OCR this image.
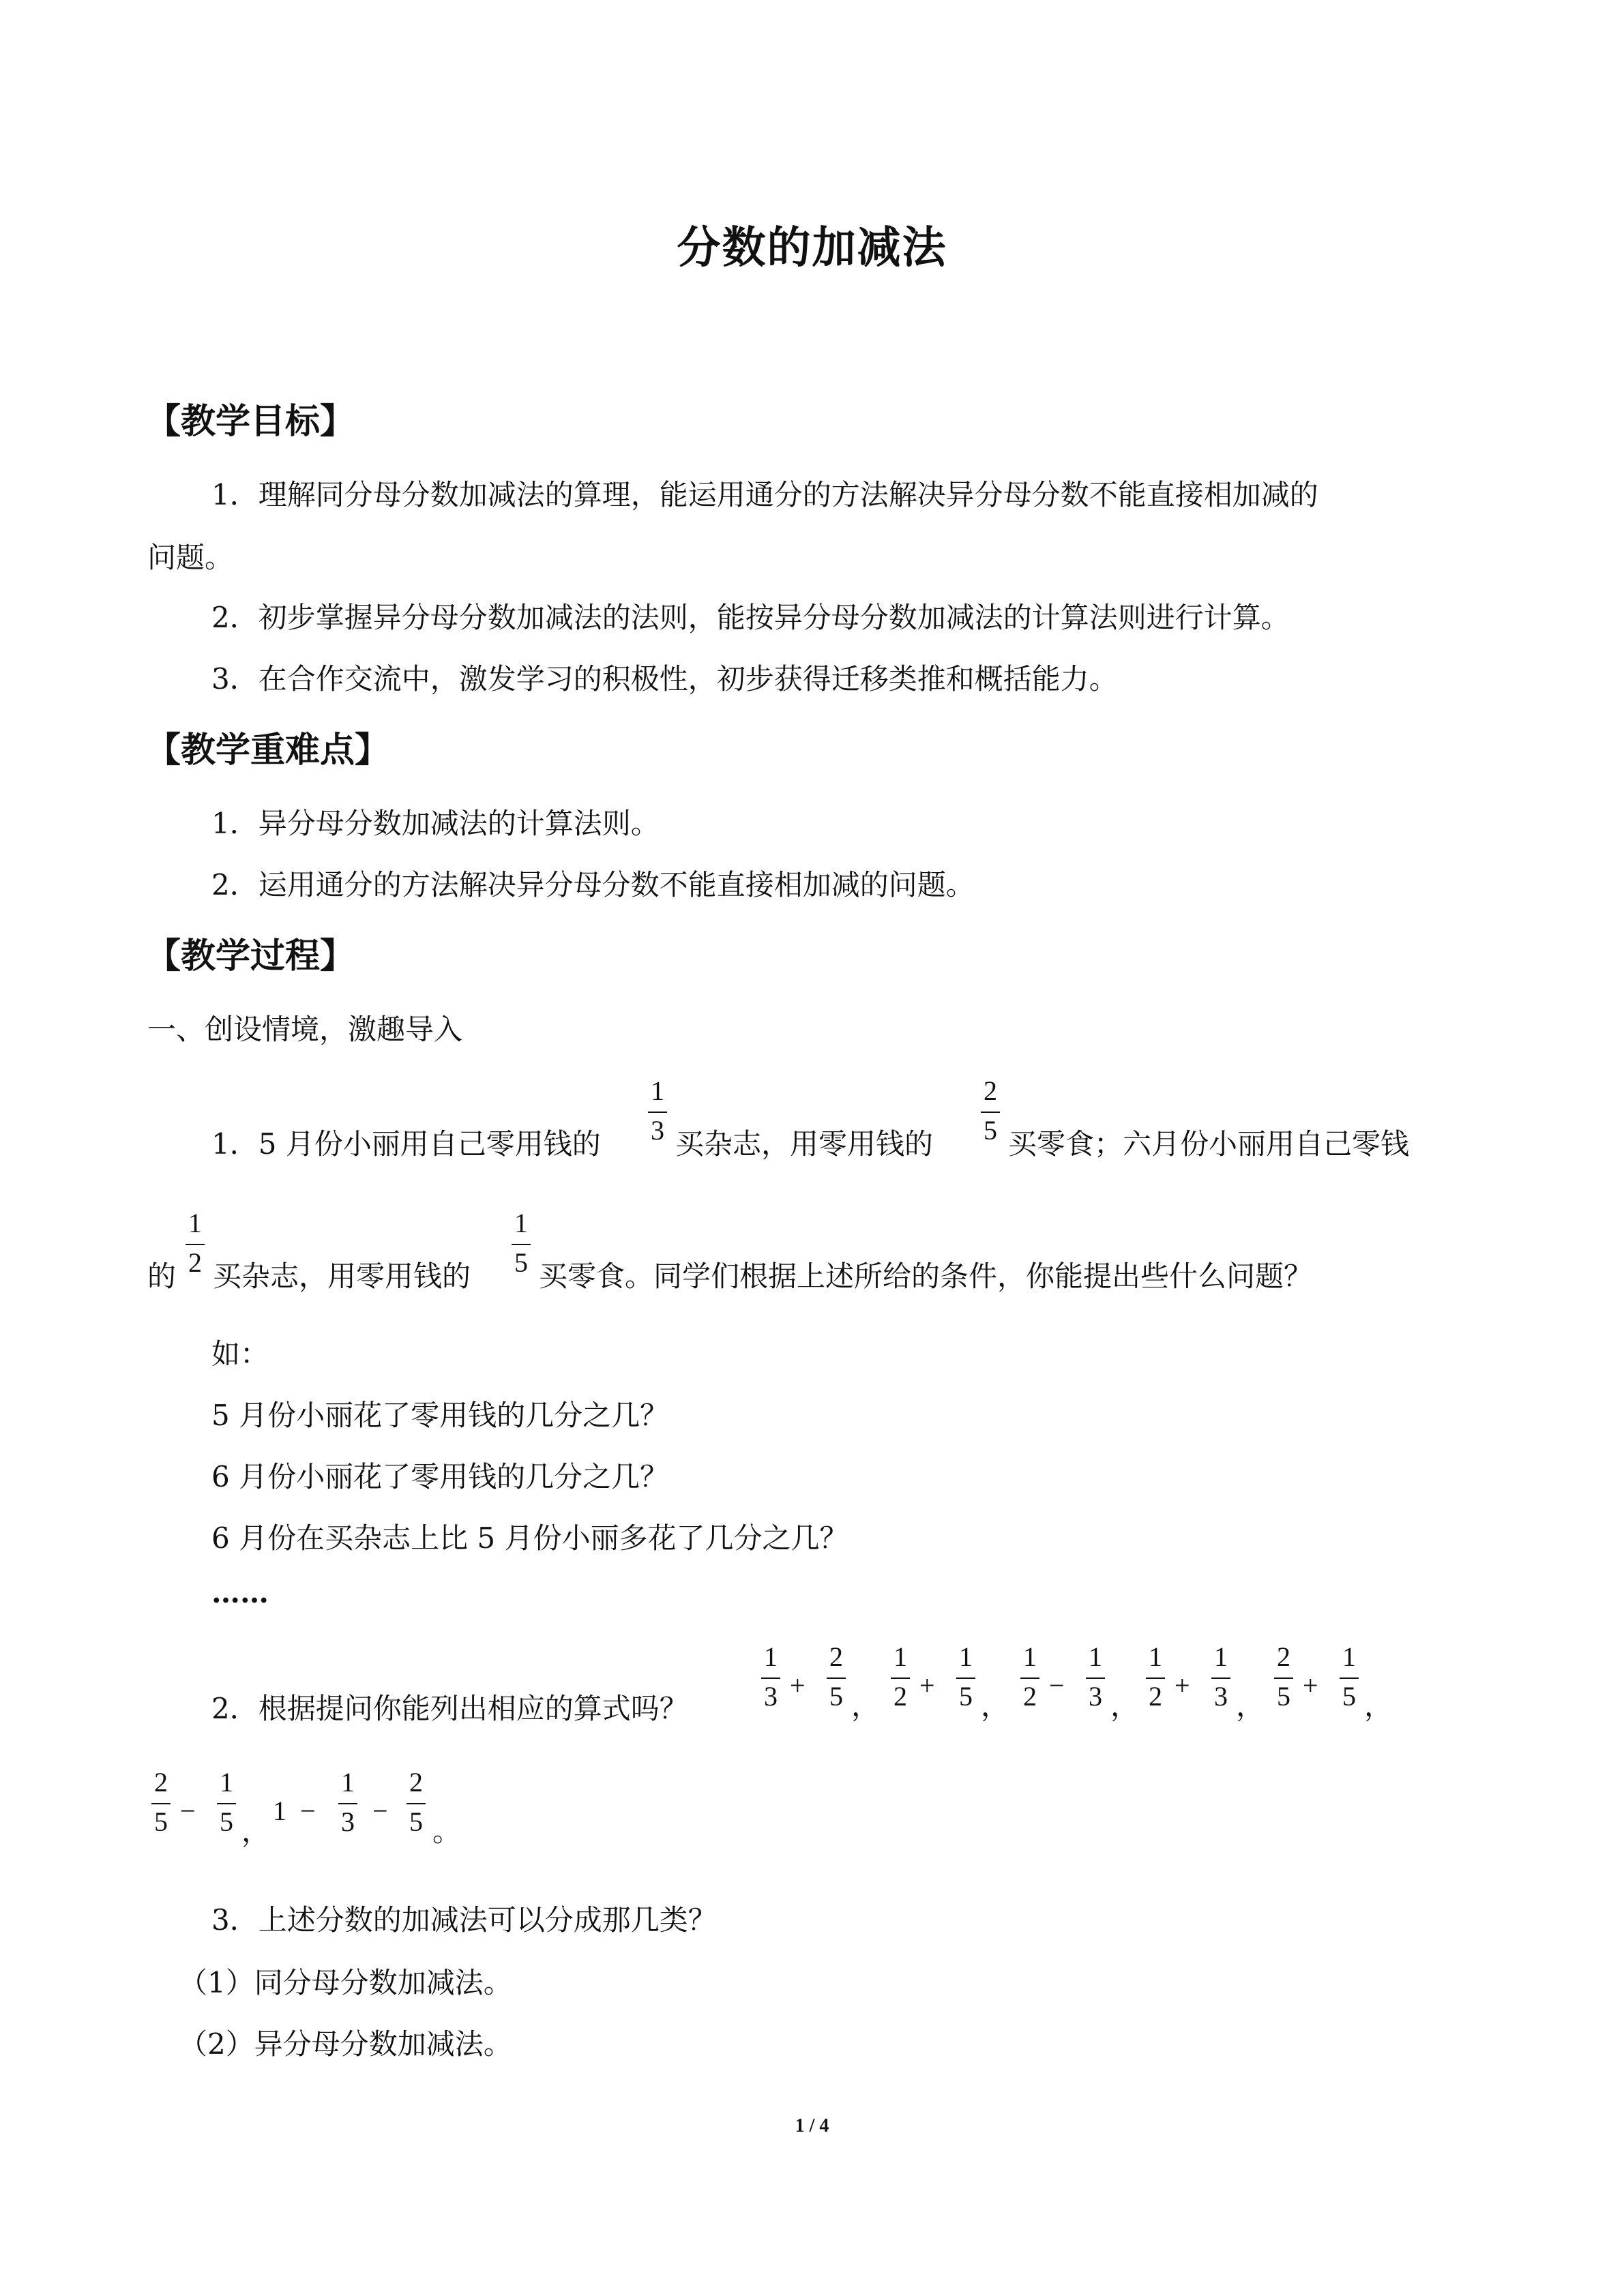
分数的加减法
【教学目标】
1．理解同分母分数加减法的算理，能运用通分的方法解决异分母分数不能直接相加减的
问题。
2．初步掌握异分母分数加减法的法则，能按异分母分数加减法的计算法则进行计算。
3．在合作交流中，激发学习的积极性，初步获得迁移类推和概括能力。
【教学重难点】
1．异分母分数加减法的计算法则。
2．运用通分的方法解决异分母分数不能直接相加减的问题。
【教学过程】
一、创设情境，激趣导入
1．5 月份小丽用自己零用钱的
1
3 买杂志，用零用钱的
2
5 买零食；六月份小丽用自己零钱
的
1
2 买杂志，用零用钱的
1
5 买零食。同学们根据上述所给的条件，你能提出些什么问题？
如：
5 月份小丽花了零用钱的几分之几？
6 月份小丽花了零用钱的几分之几？
6 月份在买杂志上比 5 月份小丽多花了几分之几？
……
2．根据提问你能列出相应的算式吗？
1
3 +
2
5 ，
1
2 +
1
5 ，
1
2 −
1
3 ，
1
2 +
1
3 ，
2
5 +
1
5 ，
2
5 −
1
5 ，
1 −
1
3 −
2
5 。
3．上述分数的加减法可以分成那几类？
（1）同分母分数加减法。
（2）异分母分数加减法。
1 / 4
